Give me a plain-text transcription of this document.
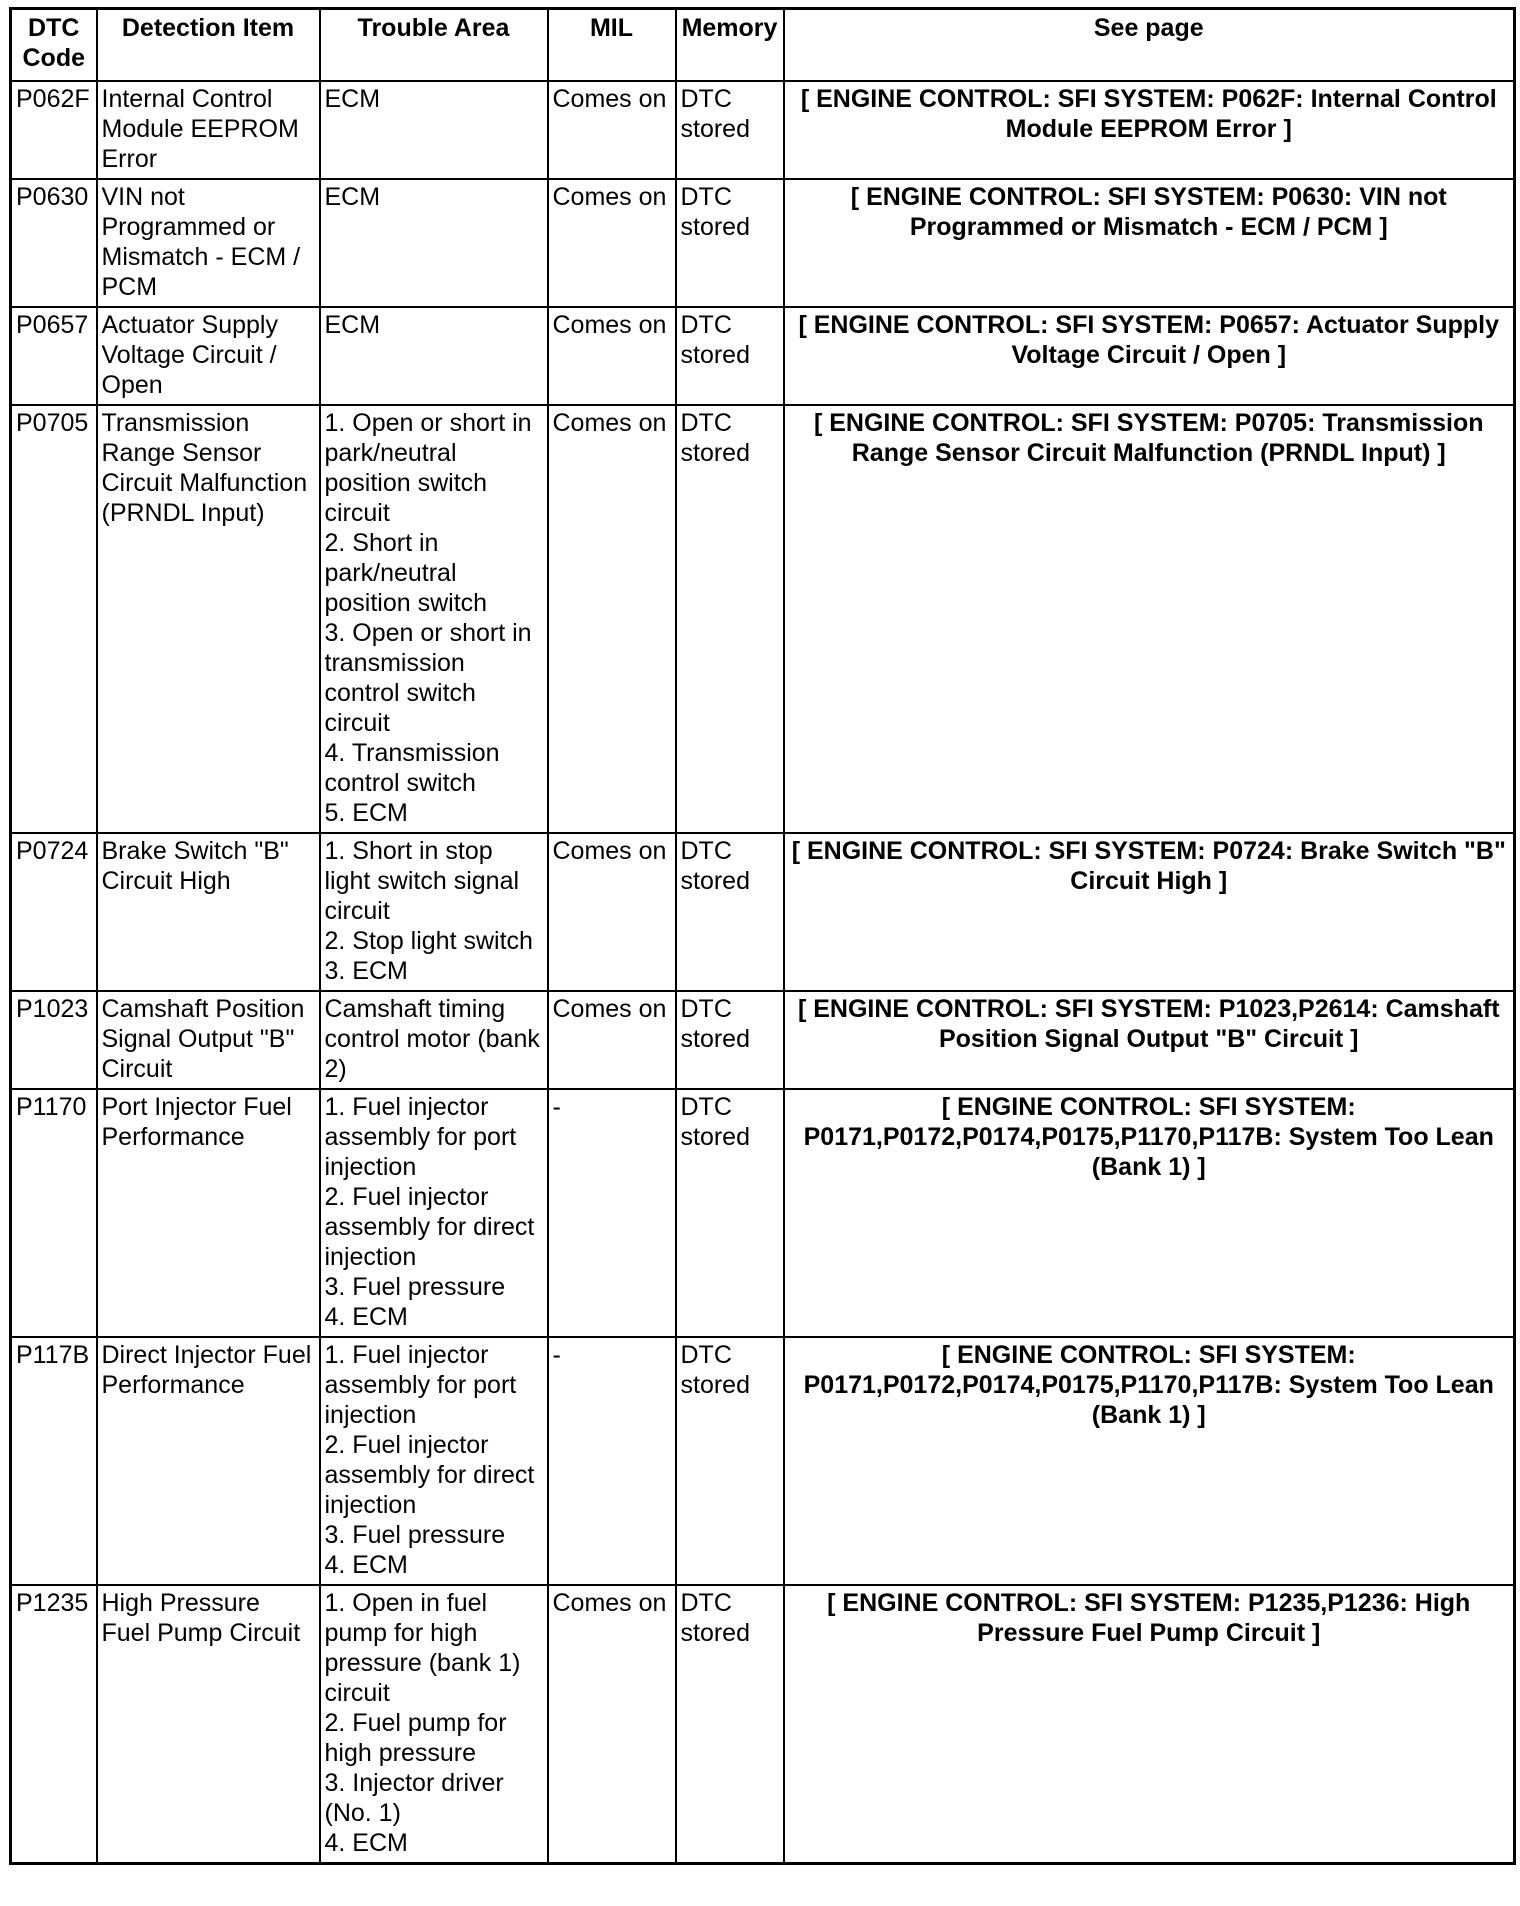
DTC Code	Detection Item	Trouble Area	MIL	Memory	See page
P062F	Internal Control Module EEPROM Error	ECM	Comes on	DTC stored	[ ENGINE CONTROL: SFI SYSTEM: P062F: Internal Control Module EEPROM Error ]
P0630	VIN not Programmed or Mismatch - ECM / PCM	ECM	Comes on	DTC stored	[ ENGINE CONTROL: SFI SYSTEM: P0630: VIN not Programmed or Mismatch - ECM / PCM ]
P0657	Actuator Supply Voltage Circuit / Open	ECM	Comes on	DTC stored	[ ENGINE CONTROL: SFI SYSTEM: P0657: Actuator Supply Voltage Circuit / Open ]
P0705	Transmission Range Sensor Circuit Malfunction (PRNDL Input)	1. Open or short in park/neutral position switch circuit
2. Short in park/neutral position switch
3. Open or short in transmission control switch circuit
4. Transmission control switch
5. ECM	Comes on	DTC stored	[ ENGINE CONTROL: SFI SYSTEM: P0705: Transmission Range Sensor Circuit Malfunction (PRNDL Input) ]
P0724	Brake Switch "B" Circuit High	1. Short in stop light switch signal circuit
2. Stop light switch
3. ECM	Comes on	DTC stored	[ ENGINE CONTROL: SFI SYSTEM: P0724: Brake Switch "B" Circuit High ]
P1023	Camshaft Position Signal Output "B" Circuit	Camshaft timing control motor (bank 2)	Comes on	DTC stored	[ ENGINE CONTROL: SFI SYSTEM: P1023,P2614: Camshaft Position Signal Output "B" Circuit ]
P1170	Port Injector Fuel Performance	1. Fuel injector assembly for port injection
2. Fuel injector assembly for direct injection
3. Fuel pressure
4. ECM	-	DTC stored	[ ENGINE CONTROL: SFI SYSTEM: P0171,P0172,P0174,P0175,P1170,P117B: System Too Lean (Bank 1) ]
P117B	Direct Injector Fuel Performance	1. Fuel injector assembly for port injection
2. Fuel injector assembly for direct injection
3. Fuel pressure
4. ECM	-	DTC stored	[ ENGINE CONTROL: SFI SYSTEM: P0171,P0172,P0174,P0175,P1170,P117B: System Too Lean (Bank 1) ]
P1235	High Pressure Fuel Pump Circuit	1. Open in fuel pump for high pressure (bank 1) circuit
2. Fuel pump for high pressure
3. Injector driver (No. 1)
4. ECM	Comes on	DTC stored	[ ENGINE CONTROL: SFI SYSTEM: P1235,P1236: High Pressure Fuel Pump Circuit ]
